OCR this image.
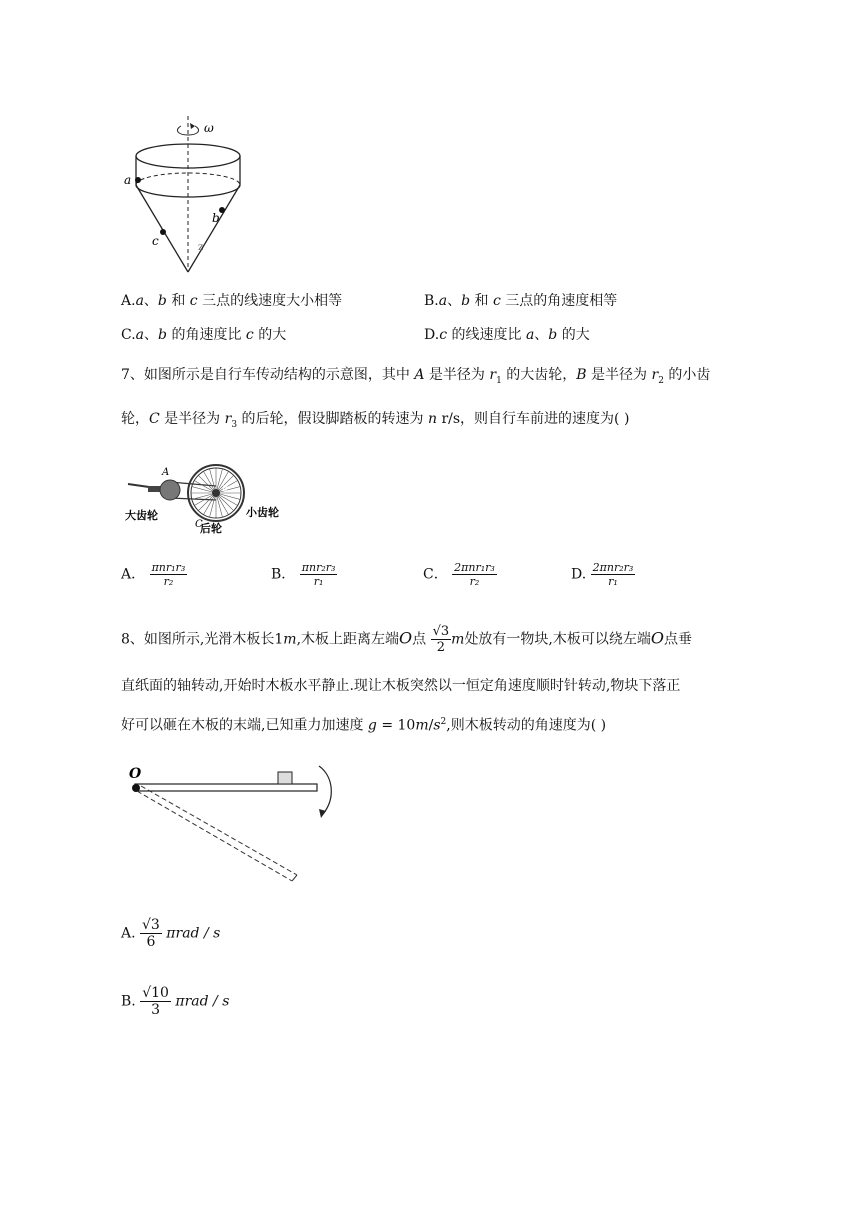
ω
a
b
c	z
A.a、b 和 c 三点的线速度大小相等	B.a、b 和 c 三点的角速度相等
C.a、b 的角速度比 c 的大	D.c 的线速度比 a、b 的大
7、如图所示是自行车传动结构的示意图，其中 A 是半径为 $r_1$ 的大齿轮，B 是半径为 $r_2$ 的小齿
轮，C 是半径为 $r_3$ 的后轮，假设脚踏板的转速为 n r/s，则自行车前进的速度为( )
A
B
C
大齿轮	小齿轮
后轮
A． $\frac{\text{πnr₁r₃}}{\text{r₂}}$	B． $\frac{\text{πnr₂r₃}}{\text{r₁}}$	C． $\frac{\text{2πnr₁r₃}}{\text{r₂}}$	D. $\frac{\text{2πnr₂r₃}}{\text{r₁}}$
8、如图所示,光滑木板长1m,木板上距离左端O点 $\frac{√3}{2}$ m处放有一物块,木板可以绕左端O点垂
直纸面的轴转动,开始时木板水平静止.现让木板突然以一恒定角速度顺时针转动,物块下落正
好可以砸在木板的末端,已知重力加速度 $g = 10m/s^2$,则木板转动的角速度为( )
O
A. $\frac{√3}{6}$ πrad / s
B. $\frac{√10}{3}$ πrad / s
